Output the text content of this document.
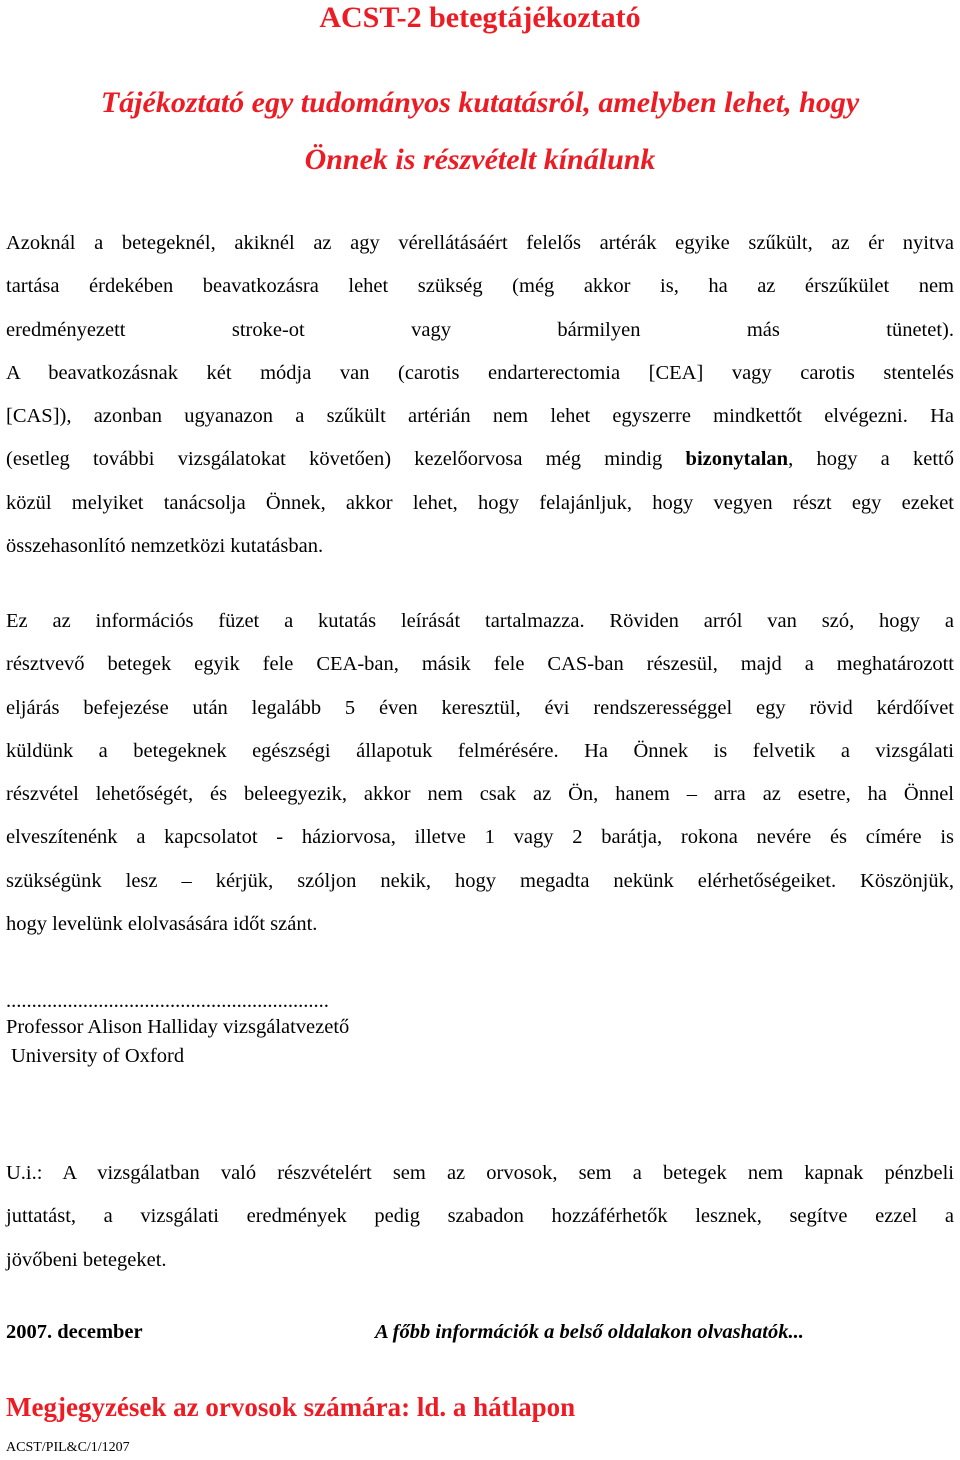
ACST-2 betegtájékoztató
Tájékoztató egy tudományos kutatásról, amelyben lehet, hogy
Önnek is részvételt kínálunk
Azoknál a betegeknél, akiknél az agy vérellátásáért felelős artérák egyike szűkült, az ér nyitva
tartása érdekében beavatkozásra lehet szükség (még akkor is, ha az érszűkület nem
eredményezett stroke-ot vagy bármilyen más tünetet).
A beavatkozásnak két módja van (carotis endarterectomia [CEA] vagy carotis stentelés
[CAS]), azonban ugyanazon a szűkült artérián nem lehet egyszerre mindkettőt elvégezni. Ha
(esetleg további vizsgálatokat követően) kezelőorvosa még mindig bizonytalan, hogy a kettő
közül melyiket tanácsolja Önnek, akkor lehet, hogy felajánljuk, hogy vegyen részt egy ezeket
összehasonlító nemzetközi kutatásban.
Ez az információs füzet a kutatás leírását tartalmazza. Röviden arról van szó, hogy a
résztvevő betegek egyik fele CEA-ban, másik fele CAS-ban részesül, majd a meghatározott
eljárás befejezése után legalább 5 éven keresztül, évi rendszerességgel egy rövid kérdőívet
küldünk a betegeknek egészségi állapotuk felmérésére. Ha Önnek is felvetik a vizsgálati
részvétel lehetőségét, és beleegyezik, akkor nem csak az Ön, hanem – arra az esetre, ha Önnel
elveszítenénk a kapcsolatot - háziorvosa, illetve 1 vagy 2 barátja, rokona nevére és címére is
szükségünk lesz – kérjük, szóljon nekik, hogy megadta nekünk elérhetőségeiket. Köszönjük,
hogy levelünk elolvasására időt szánt.
...............................................................
Professor Alison Halliday vizsgálatvezető
University of Oxford
U.i.: A vizsgálatban való részvételért sem az orvosok, sem a betegek nem kapnak pénzbeli
juttatást, a vizsgálati eredmények pedig szabadon hozzáférhetők lesznek, segítve ezzel a
jövőbeni betegeket.
2007. december	A főbb információk a belső oldalakon olvashatók...
Megjegyzések az orvosok számára: ld. a hátlapon
ACST/PIL&C/1/1207
